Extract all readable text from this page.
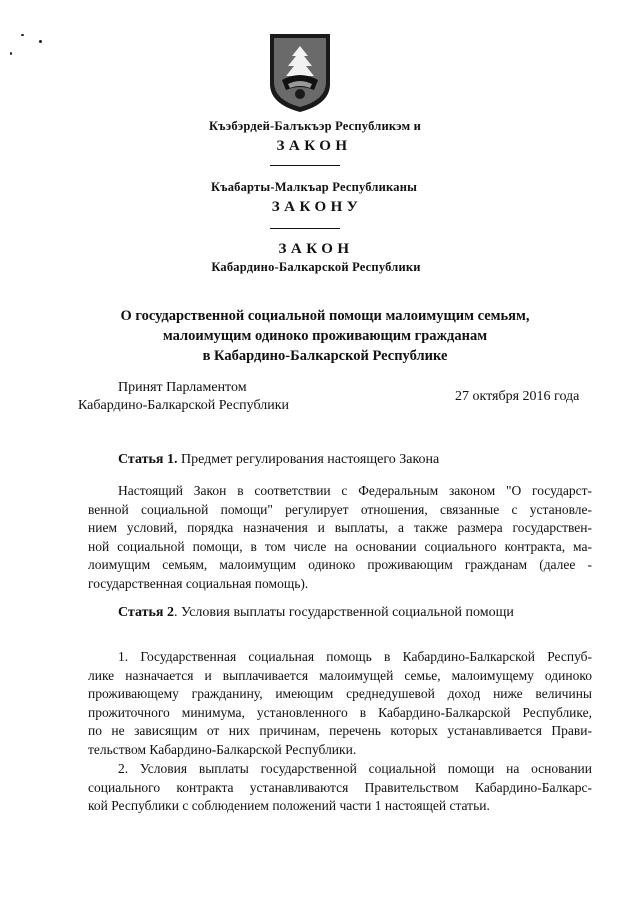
Къэбэрдей-Балъкъэр Республикэм и
ЗАКОН
Къабарты-Малкъар Республиканы
ЗАКОНУ
ЗАКОН
Кабардино-Балкарской Республики
О государственной социальной помощи малоимущим семьям,
малоимущим одиноко проживающим гражданам
в Кабардино-Балкарской Республике
Принят Парламентом
Кабардино-Балкарской Республики
27 октября 2016 года
Статья 1. Предмет регулирования настоящего Закона
Настоящий Закон в соответствии с Федеральным законом "О государст-
венной социальной помощи" регулирует отношения, связанные с установле-
нием условий, порядка назначения и выплаты, а также размера государствен-
ной социальной помощи, в том числе на основании социального контракта, ма-
лоимущим семьям, малоимущим одиноко проживающим гражданам (далее -
государственная социальная помощь).
Статья 2. Условия выплаты государственной социальной помощи
1. Государственная социальная помощь в Кабардино-Балкарской Респуб-
лике назначается и выплачивается малоимущей семье, малоимущему одиноко
проживающему гражданину, имеющим среднедушевой доход ниже величины
прожиточного минимума, установленного в Кабардино-Балкарской Республике,
по не зависящим от них причинам, перечень которых устанавливается Прави-
тельством Кабардино-Балкарской Республики.
2. Условия выплаты государственной социальной помощи на основании
социального контракта устанавливаются Правительством Кабардино-Балкарс-
кой Республики с соблюдением положений части 1 настоящей статьи.
